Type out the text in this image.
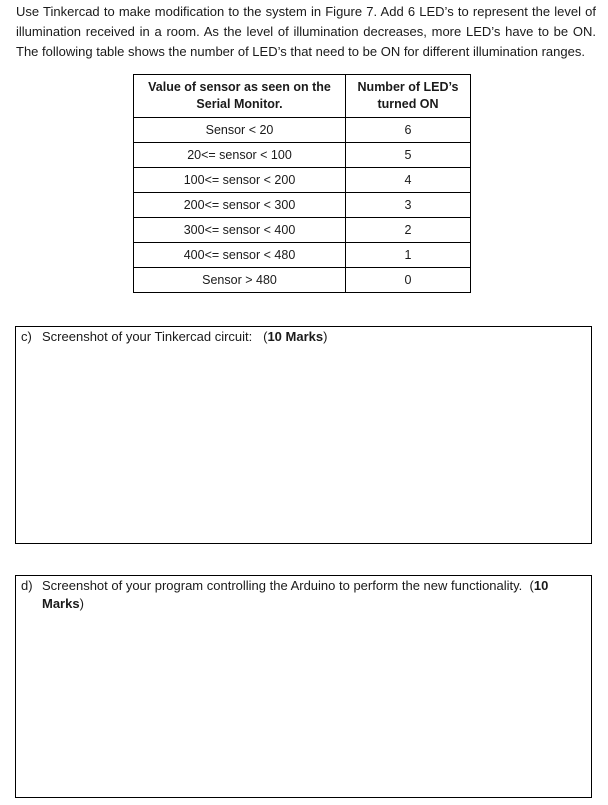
Use Tinkercad to make modification to the system in Figure 7. Add 6 LED’s to represent the level of illumination received in a room. As the level of illumination decreases, more LED’s have to be ON. The following table shows the number of LED’s that need to be ON for different illumination ranges.
Value of sensor as seen on the Serial Monitor.	Number of LED’s turned ON
Sensor < 20	6
20<= sensor < 100	5
100<= sensor < 200	4
200<= sensor < 300	3
300<= sensor < 400	2
400<= sensor < 480	1
Sensor > 480	0
c) Screenshot of your Tinkercad circuit: (10 Marks)
d) Screenshot of your program controlling the Arduino to perform the new functionality. (10 Marks)
